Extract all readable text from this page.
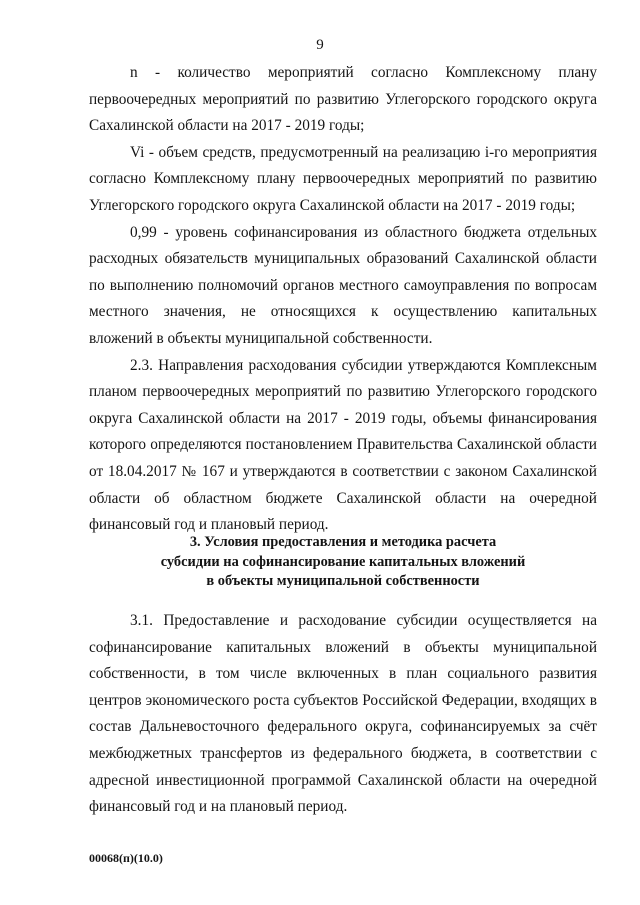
9

n - количество мероприятий согласно Комплексному плану первоочередных мероприятий по развитию Углегорского городского округа Сахалинской области на 2017 - 2019 годы;

Vi - объем средств, предусмотренный на реализацию i-го мероприятия согласно Комплексному плану первоочередных мероприятий по развитию Углегорского городского округа Сахалинской области на 2017 - 2019 годы;

0,99 - уровень софинансирования из областного бюджета отдельных расходных обязательств муниципальных образований Сахалинской области по выполнению полномочий органов местного самоуправления по вопросам местного значения, не относящихся к осуществлению капитальных вложений в объекты муниципальной собственности.

2.3. Направления расходования субсидии утверждаются Комплексным планом первоочередных мероприятий по развитию Углегорского городского округа Сахалинской области на 2017 - 2019 годы, объемы финансирования которого определяются постановлением Правительства Сахалинской области от 18.04.2017 № 167 и утверждаются в соответствии с законом Сахалинской области об областном бюджете Сахалинской области на очередной финансовый год и плановый период.

3. Условия предоставления и методика расчета
субсидии на софинансирование капитальных вложений
в объекты муниципальной собственности

3.1. Предоставление и расходование субсидии осуществляется на софинансирование капитальных вложений в объекты муниципальной собственности, в том числе включенных в план социального развития центров экономического роста субъектов Российской Федерации, входящих в состав Дальневосточного федерального округа, софинансируемых за счёт межбюджетных трансфертов из федерального бюджета, в соответствии с адресной инвестиционной программой Сахалинской области на очередной финансовый год и на плановый период.

00068(п)(10.0)
